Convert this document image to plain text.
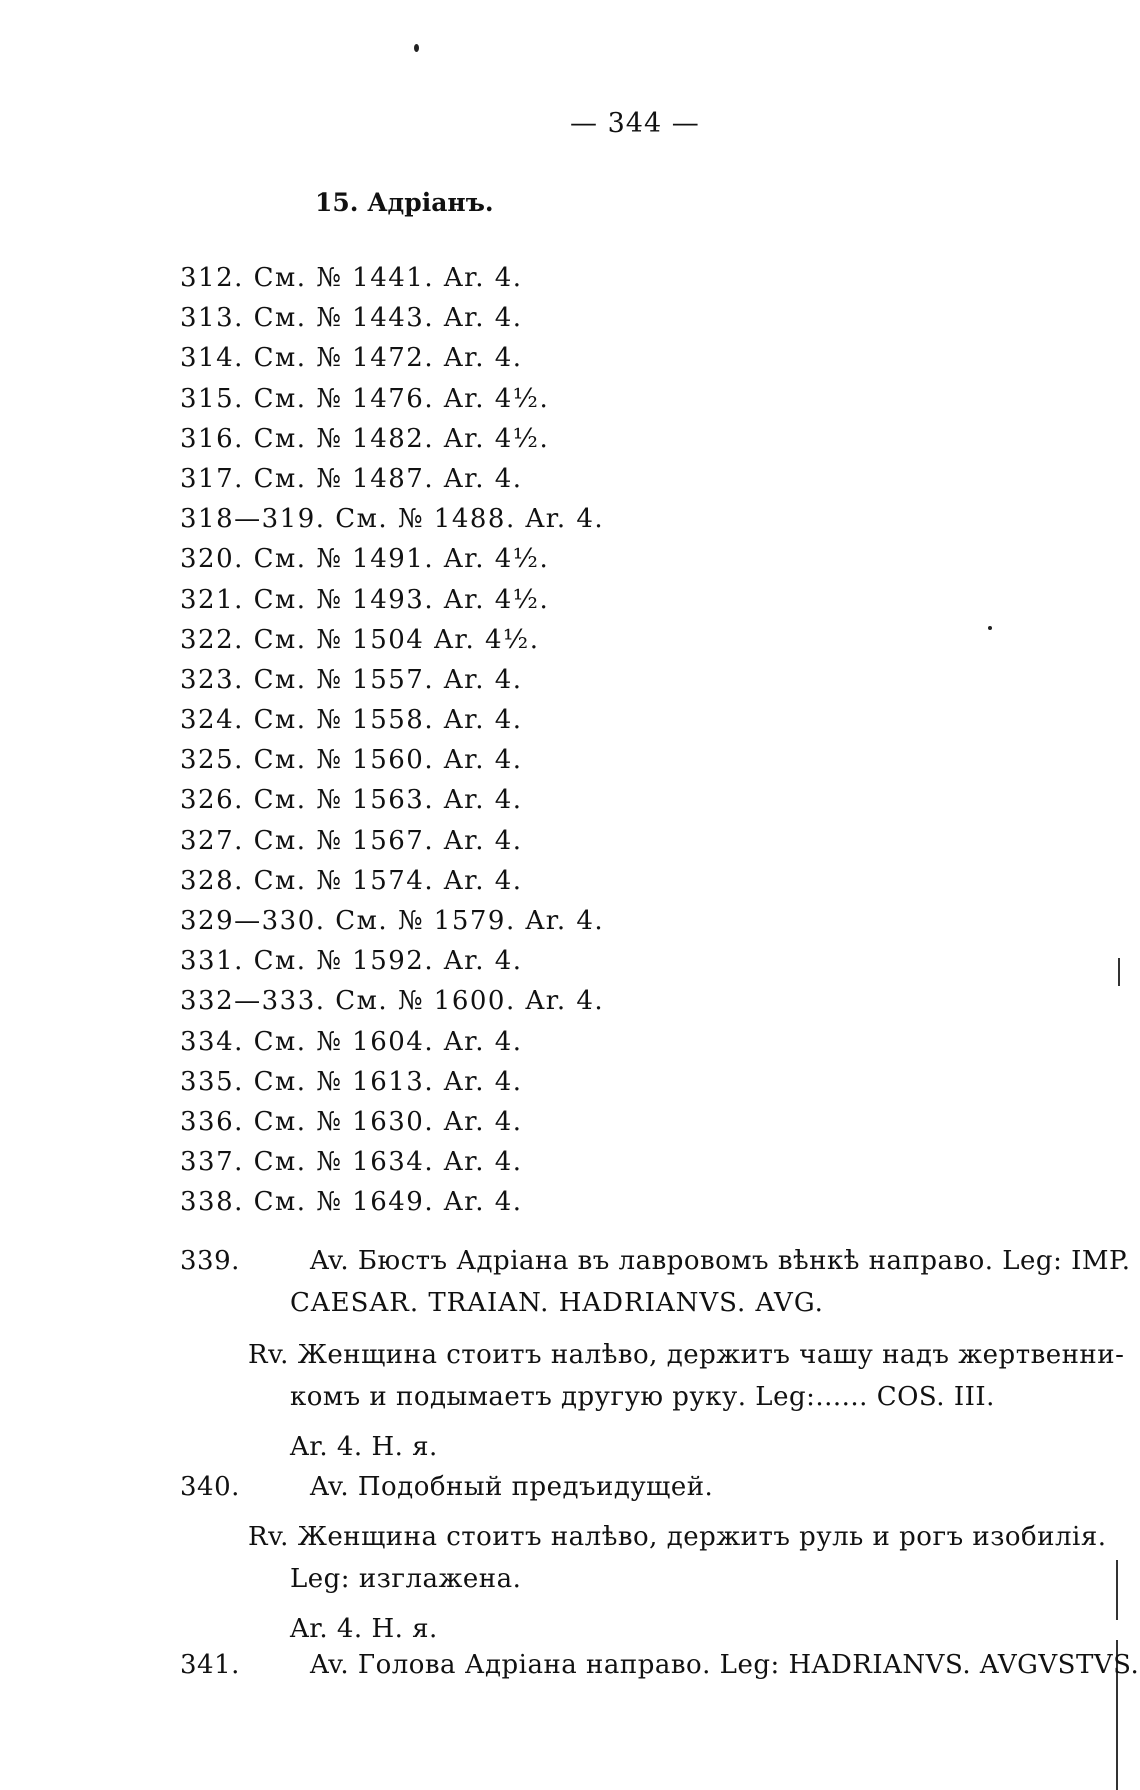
— 344 —
15. Адріанъ.
312. См. № 1441. Ar. 4.
313. См. № 1443. Ar. 4.
314. См. № 1472. Ar. 4.
315. См. № 1476. Ar. 4½.
316. См. № 1482. Ar. 4½.
317. См. № 1487. Ar. 4.
318—319. См. № 1488. Ar. 4.
320. См. № 1491. Ar. 4½.
321. См. № 1493. Ar. 4½.
322. См. № 1504 Ar. 4½.
323. См. № 1557. Ar. 4.
324. См. № 1558. Ar. 4.
325. См. № 1560. Ar. 4.
326. См. № 1563. Ar. 4.
327. См. № 1567. Ar. 4.
328. См. № 1574. Ar. 4.
329—330. См. № 1579. Ar. 4.
331. См. № 1592. Ar. 4.
332—333. См. № 1600. Ar. 4.
334. См. № 1604. Ar. 4.
335. См. № 1613. Ar. 4.
336. См. № 1630. Ar. 4.
337. См. № 1634. Ar. 4.
338. См. № 1649. Ar. 4.
339.	Av. Бюстъ Адріана въ лавровомъ вѣнкѣ направо. Leg: IMP.
CAESAR. TRAIAN. HADRIANVS. AVG.
Rv. Женщина стоитъ налѣво, держитъ чашу надъ жертвенни-
комъ и подымаетъ другую руку. Leg:...... COS. III.
Ar. 4. Н. я.
340.	Av. Подобный предъидущей.
Rv. Женщина стоитъ налѣво, держитъ руль и рогъ изобилія.
Leg: изглажена.
Ar. 4. Н. я.
341.	Av. Голова Адріана направо. Leg: HADRIANVS. AVGVSTVS.
